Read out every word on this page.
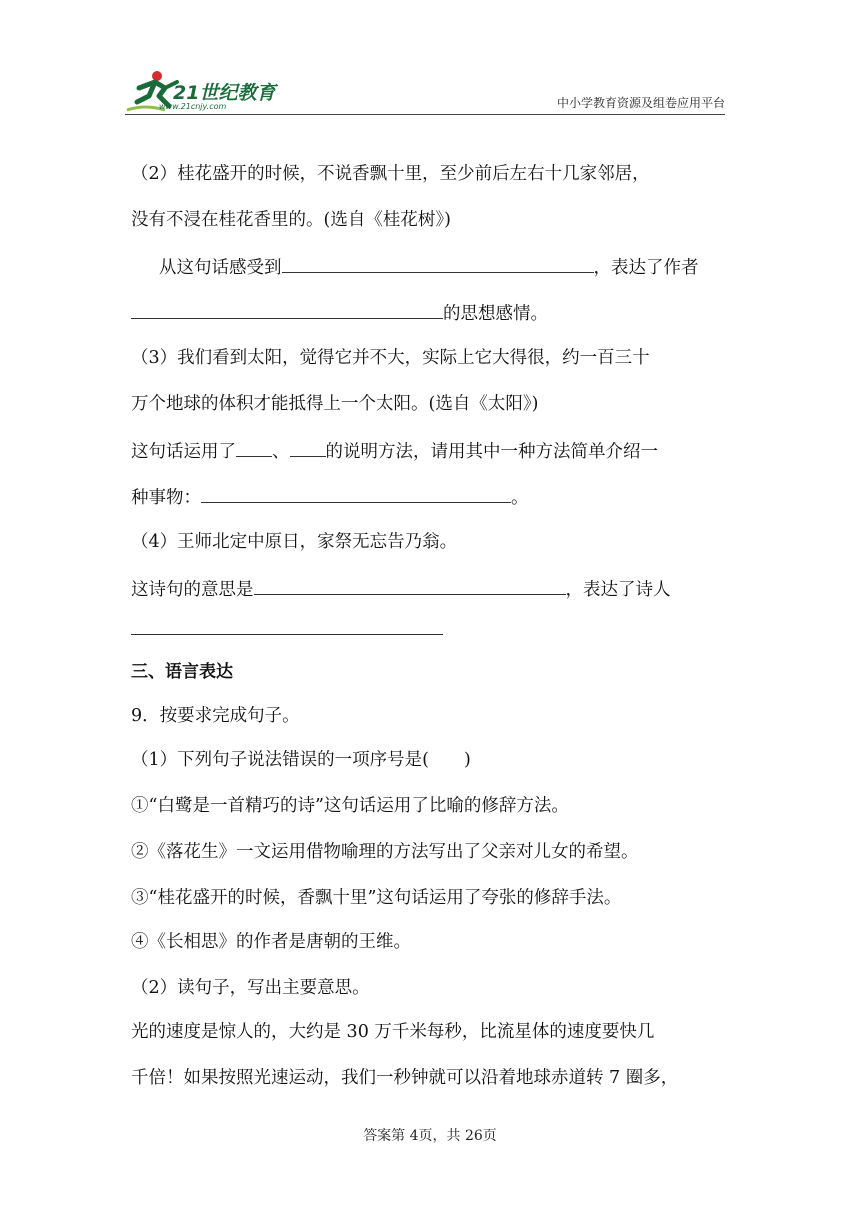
21世纪教育
www.21cnjy.com	中小学教育资源及组卷应用平台
（2）桂花盛开的时候，不说香飘十里，至少前后左右十几家邻居，
没有不浸在桂花香里的。(选自《桂花树》)
从这句话感受到	，表达了作者
的思想感情。
（3）我们看到太阳，觉得它并不大，实际上它大得很，约一百三十
万个地球的体积才能抵得上一个太阳。(选自《太阳》)
这句话运用了 、 的说明方法，请用其中一种方法简单介绍一
种事物：	。
（4）王师北定中原日，家祭无忘告乃翁。
这诗句的意思是	，表达了诗人
三、语言表达
9．按要求完成句子。
（1）下列句子说法错误的一项序号是(　　)
①“白鹭是一首精巧的诗”这句话运用了比喻的修辞方法。
②《落花生》一文运用借物喻理的方法写出了父亲对儿女的希望。
③“桂花盛开的时候，香飘十里”这句话运用了夸张的修辞手法。
④《长相思》的作者是唐朝的王维。
（2）读句子，写出主要意思。
光的速度是惊人的，大约是 30 万千米每秒，比流星体的速度要快几
千倍！如果按照光速运动，我们一秒钟就可以沿着地球赤道转 7 圈多，
答案第 4页，共 26页
